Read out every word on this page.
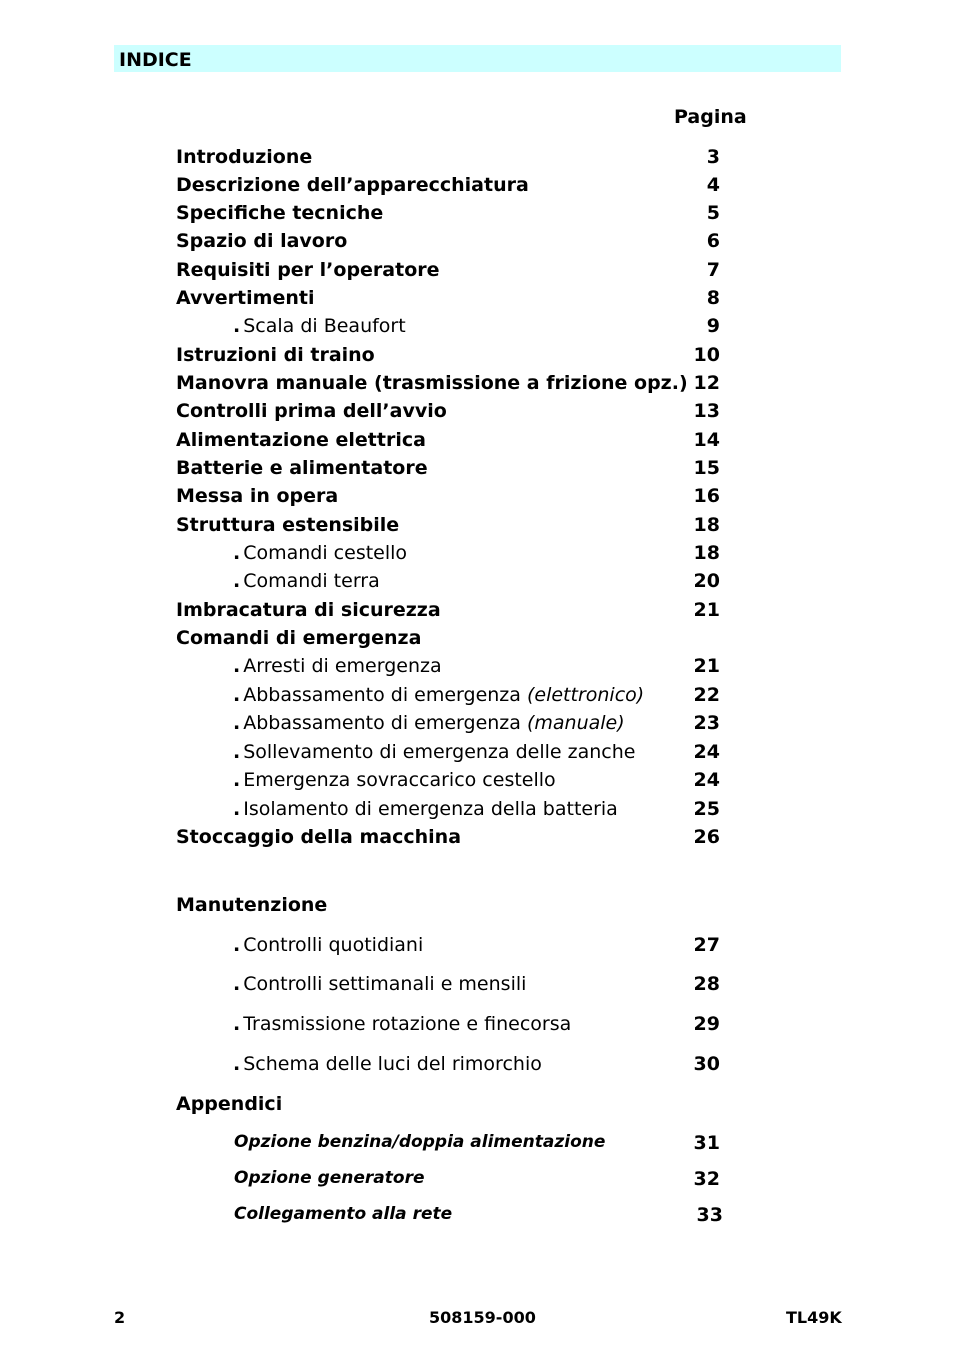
INDICE
Pagina
Introduzione	3
Descrizione dell’apparecchiatura	4
Specifiche tecniche	5
Spazio di lavoro	6
Requisiti per l’operatore	7
Avvertimenti	8
. Scala di Beaufort	9
Istruzioni di traino	10
Manovra manuale (trasmissione a frizione opz.) 12
Controlli prima dell’avvio	13
Alimentazione elettrica	14
Batterie e alimentatore	15
Messa in opera	16
Struttura estensibile	18
. Comandi cestello	18
. Comandi terra	20
Imbracatura di sicurezza	21
Comandi di emergenza
. Arresti di emergenza	21
. Abbassamento di emergenza (elettronico)	22
. Abbassamento di emergenza (manuale)	23
. Sollevamento di emergenza delle zanche	24
. Emergenza sovraccarico cestello	24
. Isolamento di emergenza della batteria	25
Stoccaggio della macchina	26
Manutenzione
. Controlli quotidiani	27
. Controlli settimanali e mensili	28
. Trasmissione rotazione e finecorsa	29
. Schema delle luci del rimorchio	30
Appendici
Opzione benzina/doppia alimentazione	31
Opzione generatore	32
Collegamento alla rete	33
2	508159-000	TL49K
